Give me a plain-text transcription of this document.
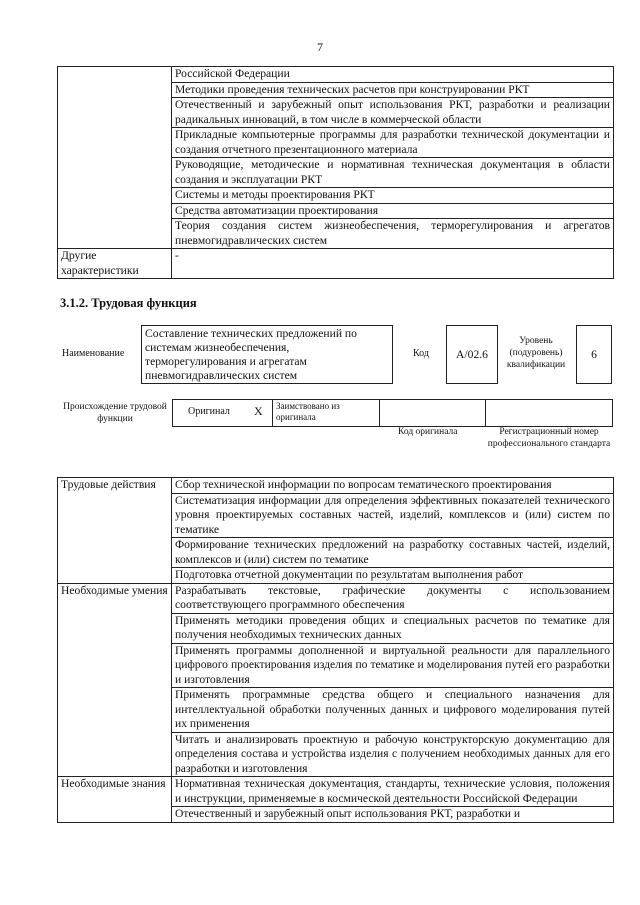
7
	Российской Федерации
	Методики проведения технических расчетов при конструировании РКТ
	Отечественный и зарубежный опыт использования РКТ, разработки и реализации радикальных инноваций, в том числе в коммерческой области
	Прикладные компьютерные программы для разработки технической документации и создания отчетного презентационного материала
	Руководящие, методические и нормативная техническая документация в области создания и эксплуатации РКТ
	Системы и методы проектирования РКТ
	Средства автоматизации проектирования
	Теория создания систем жизнеобеспечения, терморегулирования и агрегатов пневмогидравлических систем
Другие характеристики	-
3.1.2. Трудовая функция
Наименование
Составление технических предложений по системам жизнеобеспечения, терморегулирования и агрегатам пневмогидравлических систем
Код	А/02.6
Уровень (подуровень) квалификации
6
Происхождение трудовой функции
Оригинал X Заимствовано из оригинала
Код оригинала	Регистрационный номер профессионального стандарта
Трудовые действия	Сбор технической информации по вопросам тематического проектирования
	Систематизация информации для определения эффективных показателей технического уровня проектируемых составных частей, изделий, комплексов и (или) систем по тематике
	Формирование технических предложений на разработку составных частей, изделий, комплексов и (или) систем по тематике
	Подготовка отчетной документации по результатам выполнения работ
Необходимые умения	Разрабатывать текстовые, графические документы с использованием соответствующего программного обеспечения
	Применять методики проведения общих и специальных расчетов по тематике для получения необходимых технических данных
	Применять программы дополненной и виртуальной реальности для параллельного цифрового проектирования изделия по тематике и моделирования путей его разработки и изготовления
	Применять программные средства общего и специального назначения для интеллектуальной обработки полученных данных и цифрового моделирования путей их применения
	Читать и анализировать проектную и рабочую конструкторскую документацию для определения состава и устройства изделия с получением необходимых данных для его разработки и изготовления
Необходимые знания	Нормативная техническая документация, стандарты, технические условия, положения и инструкции, применяемые в космической деятельности Российской Федерации
	Отечественный и зарубежный опыт использования РКТ, разработки и
